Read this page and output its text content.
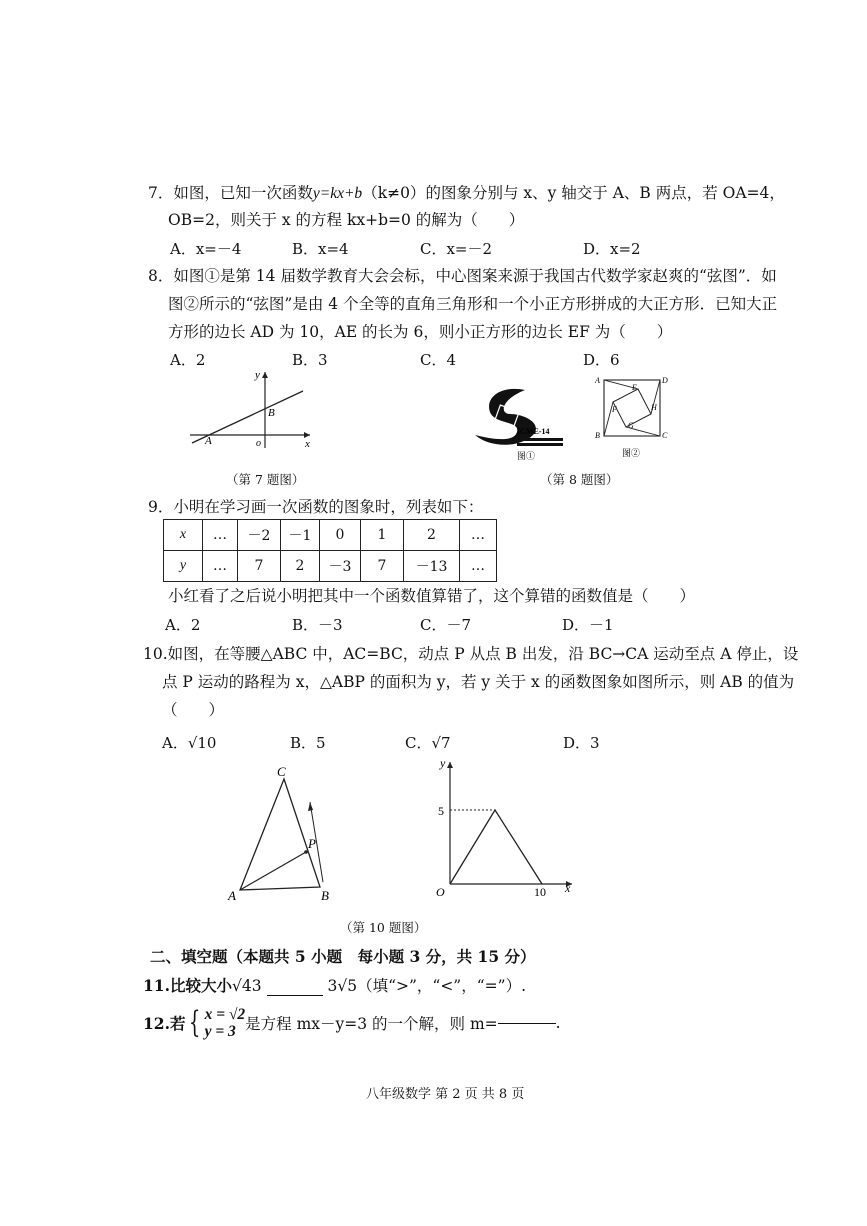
7．如图，已知一次函数y=kx+b（k≠0）的图象分别与 x、y 轴交于 A、B 两点，若 OA=4，
OB=2，则关于 x 的方程 kx+b=0 的解为（　　）
A．x=－4	B．x=4	C．x=－2	D．x=2
8．如图①是第 14 届数学教育大会会标，中心图案来源于我国古代数学家赵爽的“弦图”．如
图②所示的“弦图”是由 4 个全等的直角三角形和一个小正方形拼成的大正方形．已知大正
方形的边长 AD 为 10，AE 的长为 6，则小正方形的边长 EF 为（　　）
A．2	B．3	C．4	D．6
y
x
A
B
o
（第 7 题图）
ICME-14
图①
A	D
B	C
E
H
G
F
图②
（第 8 题图）
9．小明在学习画一次函数的图象时，列表如下：
x	…	－2	－1	0	1	2	…
y	…	7	2	－3	7	－13	…
小红看了之后说小明把其中一个函数值算错了，这个算错的函数值是（　　）
A．2	B．－3	C．－7	D．－1
10.如图，在等腰△ABC 中，AC=BC，动点 P 从点 B 出发，沿 BC→CA 运动至点 A 停止，设
点 P 运动的路程为 x，△ABP 的面积为 y，若 y 关于 x 的函数图象如图所示，则 AB 的值为
（　　）
A．√10	B．5	C．√7	D．3
C
A	B
P
y
x
O
5
10
（第 10 题图）
二、填空题（本题共 5 小题　每小题 3 分，共 15 分）
11.比较大小√43	3√5（填“>”，“<”，“=”）.
12.若 { x = √2
y = 3 是方程 mx－y=3 的一个解，则 m=	.
八年级数学 第 2 页 共 8 页
